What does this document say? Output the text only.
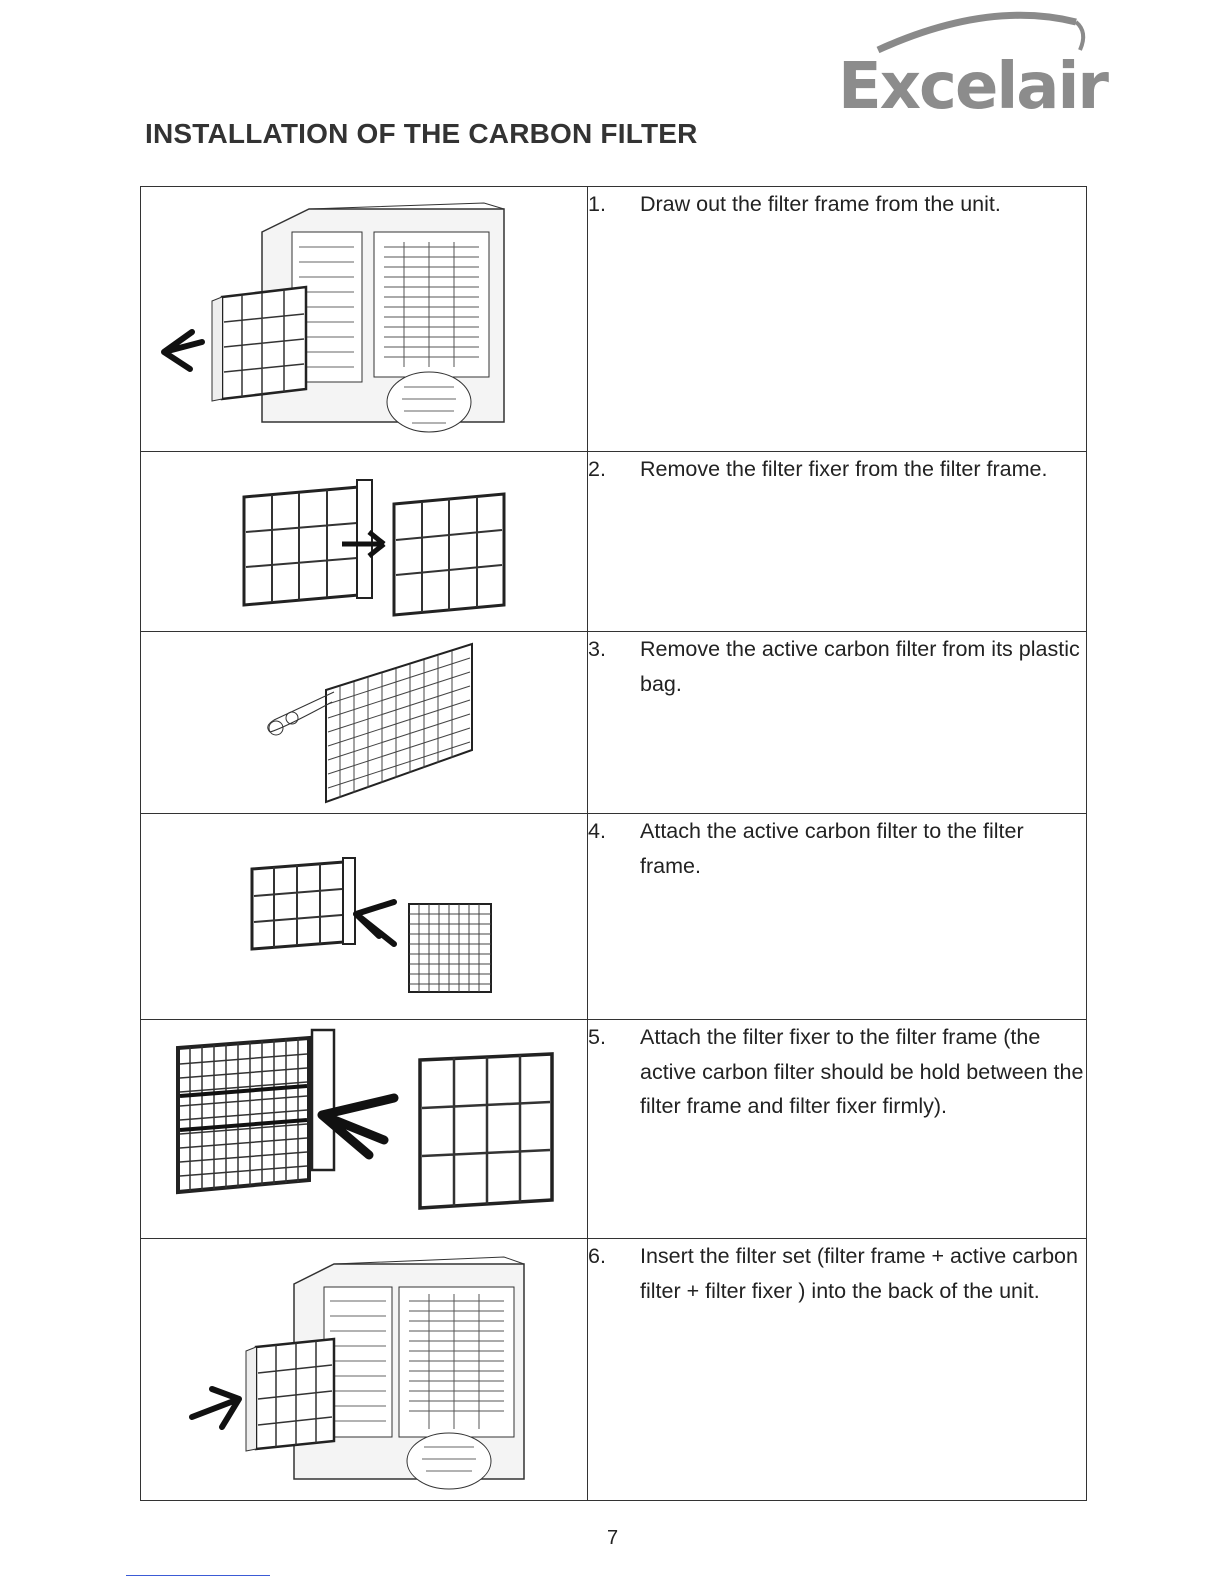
Excelair
INSTALLATION OF THE CARBON FILTER

1. Draw out the filter frame from the unit.

2. Remove the filter fixer from the filter frame.

3. Remove the active carbon filter from its plastic bag.

4. Attach the active carbon filter to the filter frame.

5. Attach the filter fixer to the filter frame (the active carbon filter should be hold between the filter frame and filter fixer firmly).

6. Insert the filter set (filter frame + active carbon filter + filter fixer ) into the back of the unit.
7
